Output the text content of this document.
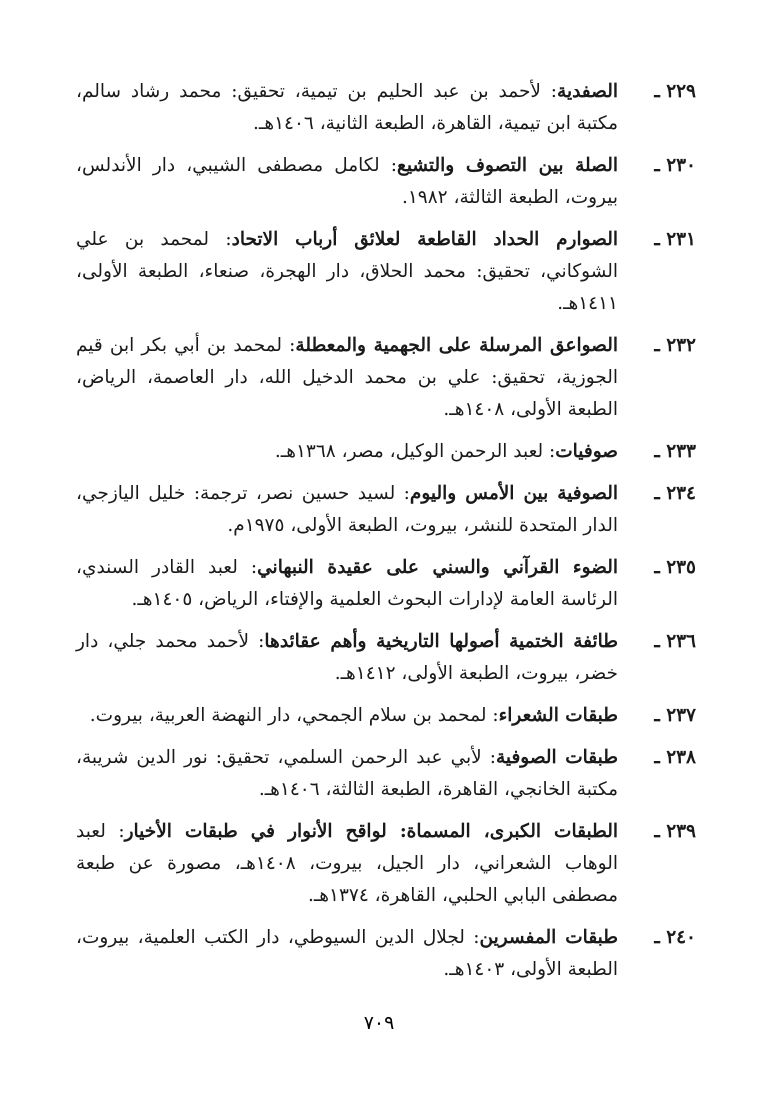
٢٢٩ ـ
الصفدية: لأحمد بن عبد الحليم بن تيمية، تحقيق: محمد رشاد سالم، مكتبة ابن تيمية، القاهرة، الطبعة الثانية، ١٤٠٦هـ.
٢٣٠ ـ
الصلة بين التصوف والتشيع: لكامل مصطفى الشيبي، دار الأندلس، بيروت، الطبعة الثالثة، ١٩٨٢.
٢٣١ ـ
الصوارم الحداد القاطعة لعلائق أرباب الاتحاد: لمحمد بن علي الشوكاني، تحقيق: محمد الحلاق، دار الهجرة، صنعاء، الطبعة الأولى، ١٤١١هـ.
٢٣٢ ـ
الصواعق المرسلة على الجهمية والمعطلة: لمحمد بن أبي بكر ابن قيم الجوزية، تحقيق: علي بن محمد الدخيل الله، دار العاصمة، الرياض، الطبعة الأولى، ١٤٠٨هـ.
٢٣٣ ـ
صوفيات: لعبد الرحمن الوكيل، مصر، ١٣٦٨هـ.
٢٣٤ ـ
الصوفية بين الأمس واليوم: لسيد حسين نصر، ترجمة: خليل اليازجي، الدار المتحدة للنشر، بيروت، الطبعة الأولى، ١٩٧٥م.
٢٣٥ ـ
الضوء القرآني والسني على عقيدة النبهاني: لعبد القادر السندي، الرئاسة العامة لإدارات البحوث العلمية والإفتاء، الرياض، ١٤٠٥هـ.
٢٣٦ ـ
طائفة الختمية أصولها التاريخية وأهم عقائدها: لأحمد محمد جلي، دار خضر، بيروت، الطبعة الأولى، ١٤١٢هـ.
٢٣٧ ـ
طبقات الشعراء: لمحمد بن سلام الجمحي، دار النهضة العربية، بيروت.
٢٣٨ ـ
طبقات الصوفية: لأبي عبد الرحمن السلمي، تحقيق: نور الدين شريبة، مكتبة الخانجي، القاهرة، الطبعة الثالثة، ١٤٠٦هـ.
٢٣٩ ـ
الطبقات الكبرى، المسماة: لواقح الأنوار في طبقات الأخيار: لعبد الوهاب الشعراني، دار الجيل، بيروت، ١٤٠٨هـ، مصورة عن طبعة مصطفى البابي الحلبي، القاهرة، ١٣٧٤هـ.
٢٤٠ ـ
طبقات المفسرين: لجلال الدين السيوطي، دار الكتب العلمية، بيروت، الطبعة الأولى، ١٤٠٣هـ.
٧٠٩
